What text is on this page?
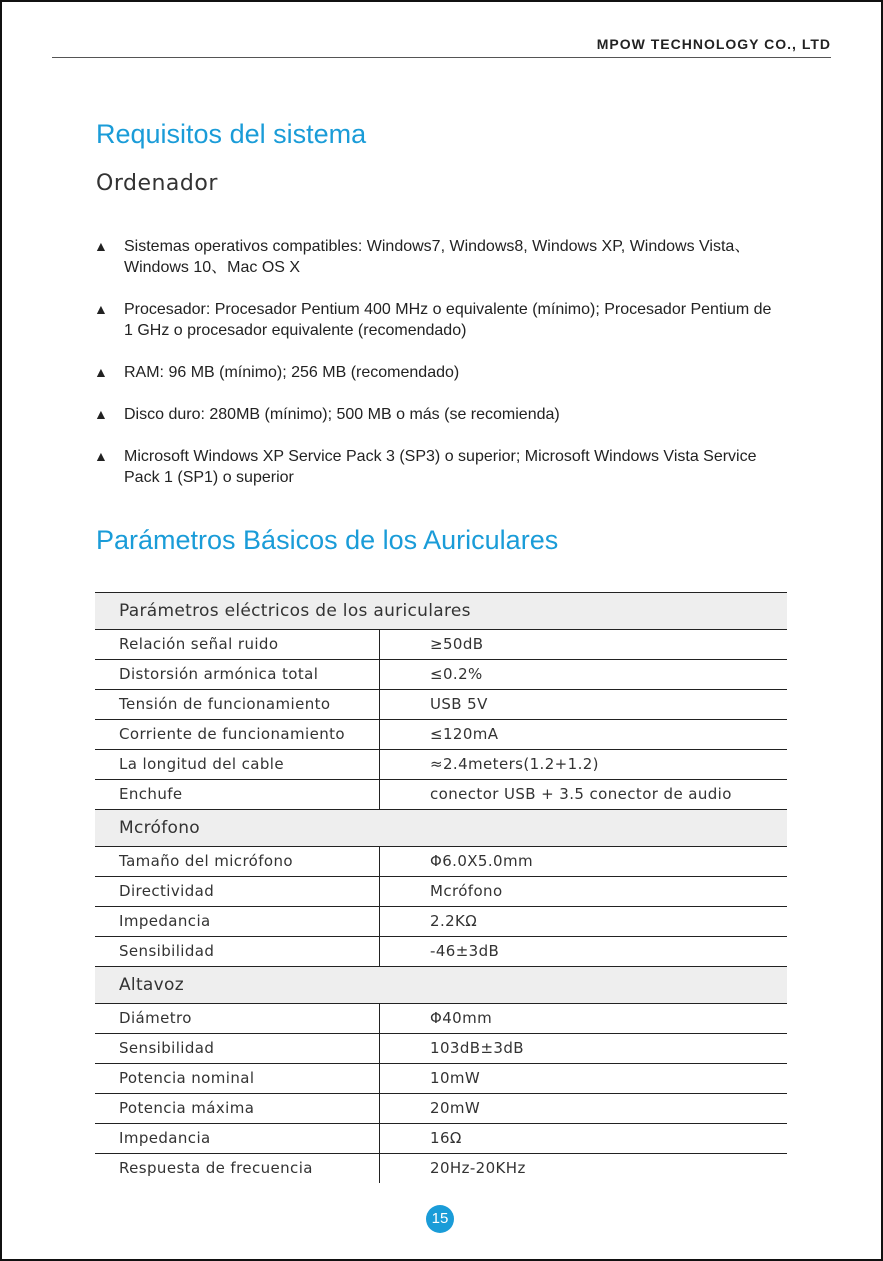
MPOW TECHNOLOGY CO., LTD
Requisitos del sistema
Ordenador
▲ Sistemas operativos compatibles: Windows7, Windows8, Windows XP, Windows Vista、Windows 10、Mac OS X
▲ Procesador: Procesador Pentium 400 MHz o equivalente (mínimo); Procesador Pentium de 1 GHz o procesador equivalente (recomendado)
▲ RAM: 96 MB (mínimo); 256 MB (recomendado)
▲ Disco duro: 280MB (mínimo); 500 MB o más (se recomienda)
▲ Microsoft Windows XP Service Pack 3 (SP3) o superior; Microsoft Windows Vista Service Pack 1 (SP1) o superior
Parámetros Básicos de los Auriculares
Parámetros eléctricos de los auriculares
Relación señal ruido	≥50dB
Distorsión armónica total	≤0.2%
Tensión de funcionamiento	USB 5V
Corriente de funcionamiento	≤120mA
La longitud del cable	≈2.4meters(1.2+1.2)
Enchufe	conector USB + 3.5 conector de audio
Mcrófono
Tamaño del micrófono	Φ6.0X5.0mm
Directividad	Mcrófono
Impedancia	2.2KΩ
Sensibilidad	-46±3dB
Altavoz
Diámetro	Φ40mm
Sensibilidad	103dB±3dB
Potencia nominal	10mW
Potencia máxima	20mW
Impedancia	16Ω
Respuesta de frecuencia	20Hz-20KHz
15
